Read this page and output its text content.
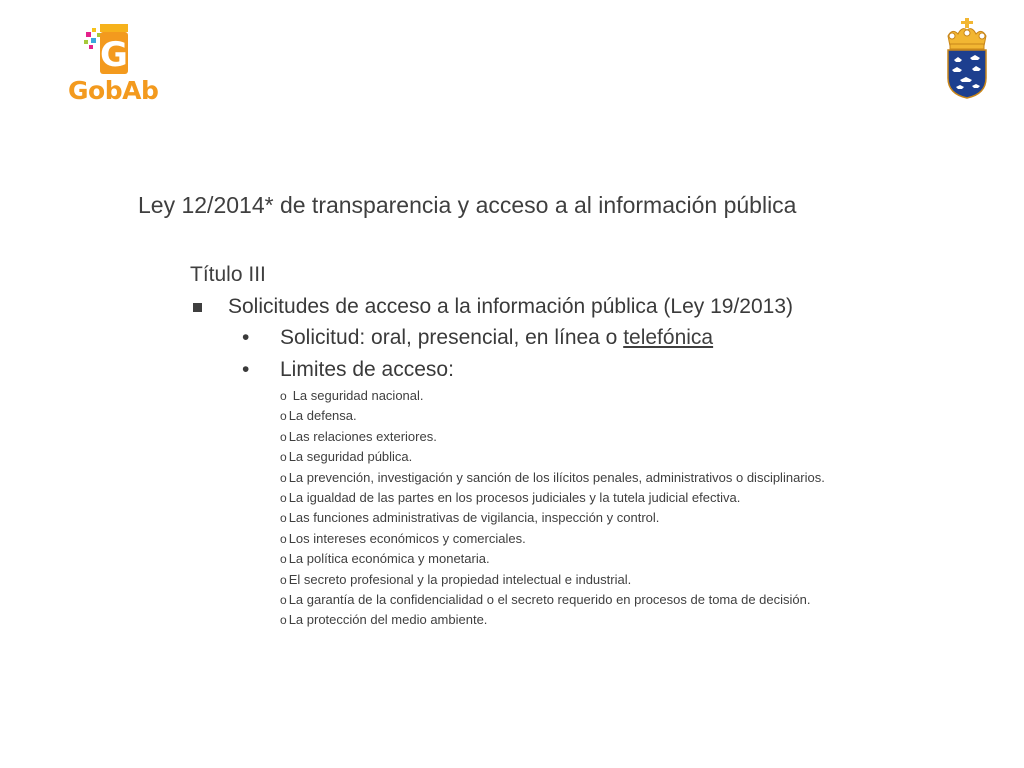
G
GobAb
Ley 12/2014* de transparencia y acceso a al información pública
Título III
Solicitudes de acceso a la información pública (Ley 19/2013)
• Solicitud: oral, presencial, en línea o telefónica
• Limites de acceso:
o La seguridad nacional.
o La defensa.
o Las relaciones exteriores.
o La seguridad pública.
o La prevención, investigación y sanción de los ilícitos penales, administrativos o disciplinarios.
o La igualdad de las partes en los procesos judiciales y la tutela judicial efectiva.
o Las funciones administrativas de vigilancia, inspección y control.
o Los intereses económicos y comerciales.
o La política económica y monetaria.
o El secreto profesional y la propiedad intelectual e industrial.
o La garantía de la confidencialidad o el secreto requerido en procesos de toma de decisión.
o La protección del medio ambiente.
